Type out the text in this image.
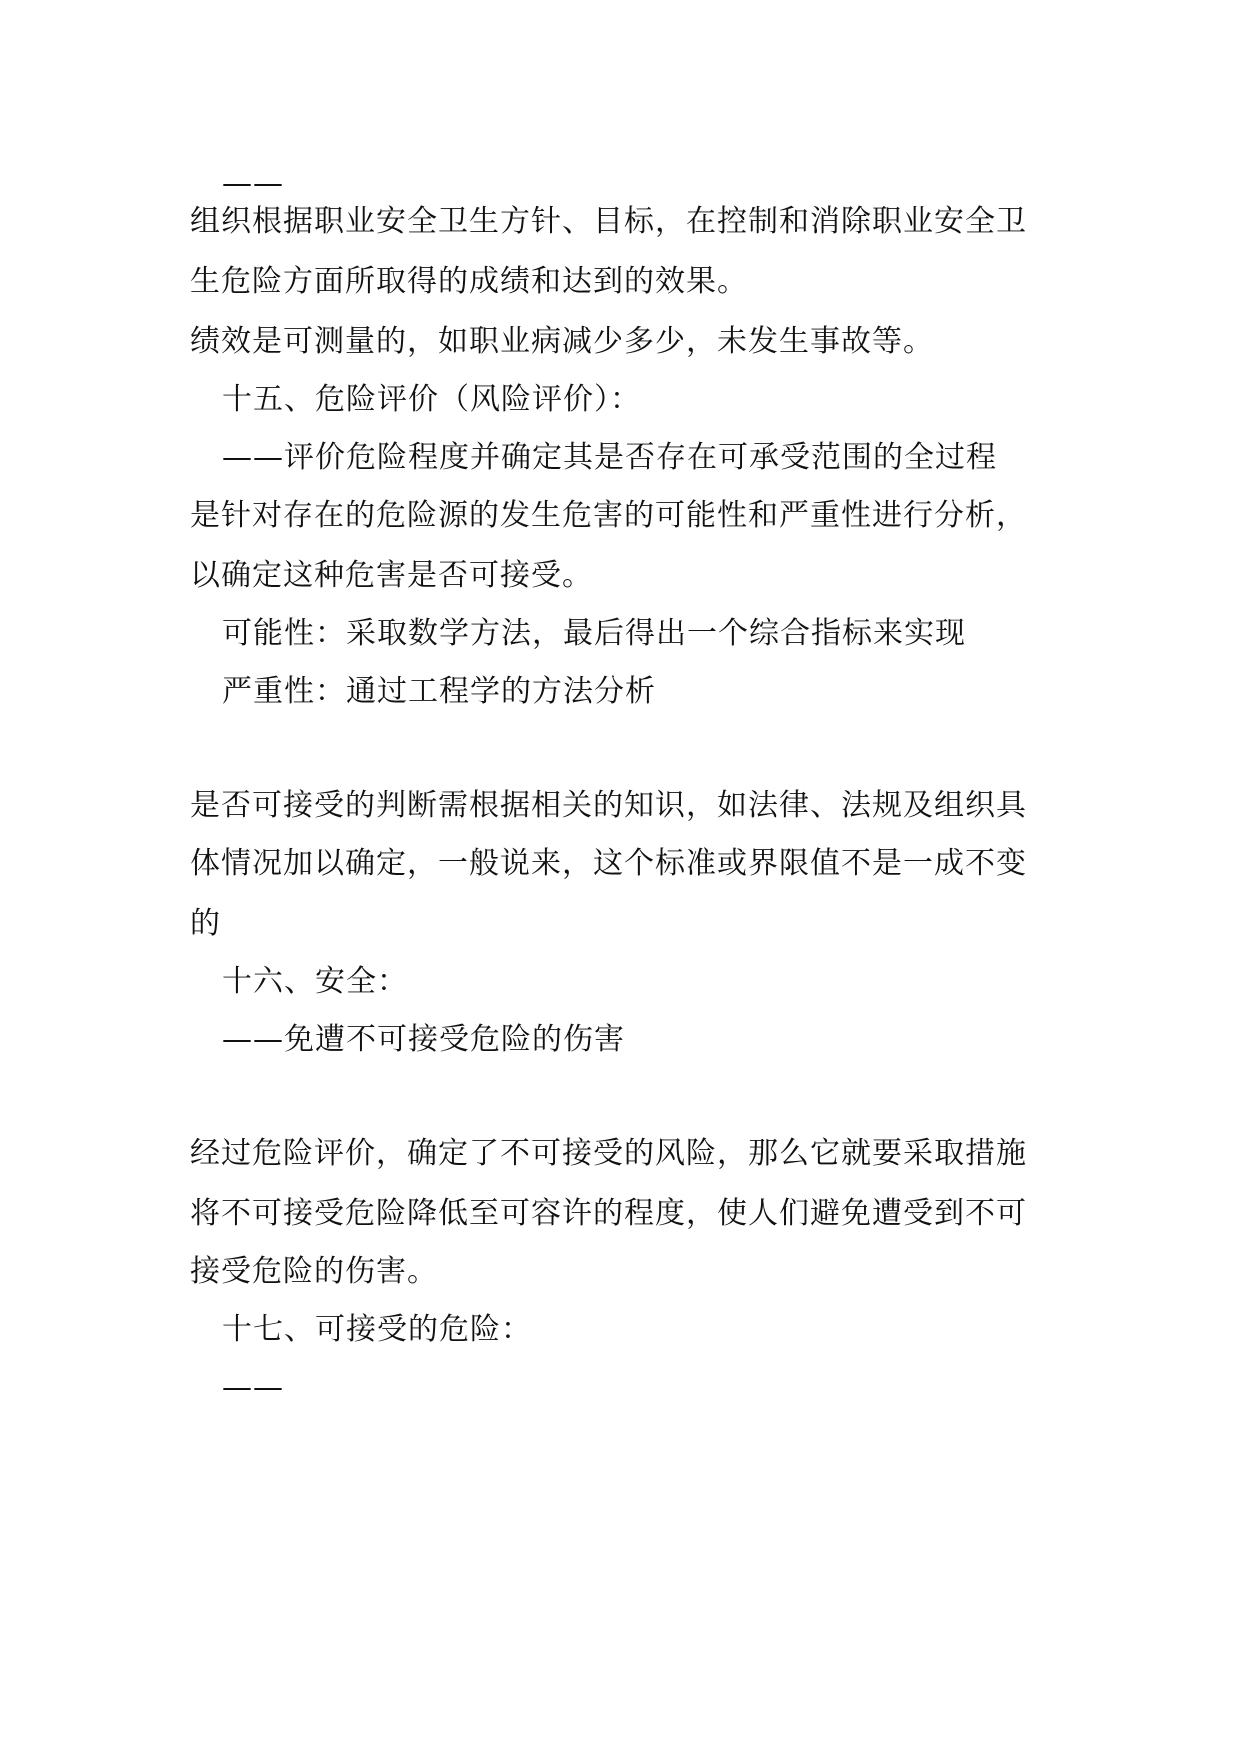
——
组织根据职业安全卫生方针、目标，在控制和消除职业安全卫
生危险方面所取得的成绩和达到的效果。
绩效是可测量的，如职业病减少多少，未发生事故等。
十五、危险评价（风险评价）：
——评价危险程度并确定其是否存在可承受范围的全过程
是针对存在的危险源的发生危害的可能性和严重性进行分析，
以确定这种危害是否可接受。
可能性：采取数学方法，最后得出一个综合指标来实现
严重性：通过工程学的方法分析
是否可接受的判断需根据相关的知识，如法律、法规及组织具
体情况加以确定，一般说来，这个标准或界限值不是一成不变
的
十六、安全：
——免遭不可接受危险的伤害
经过危险评价，确定了不可接受的风险，那么它就要采取措施
将不可接受危险降低至可容许的程度，使人们避免遭受到不可
接受危险的伤害。
十七、可接受的危险：
——
